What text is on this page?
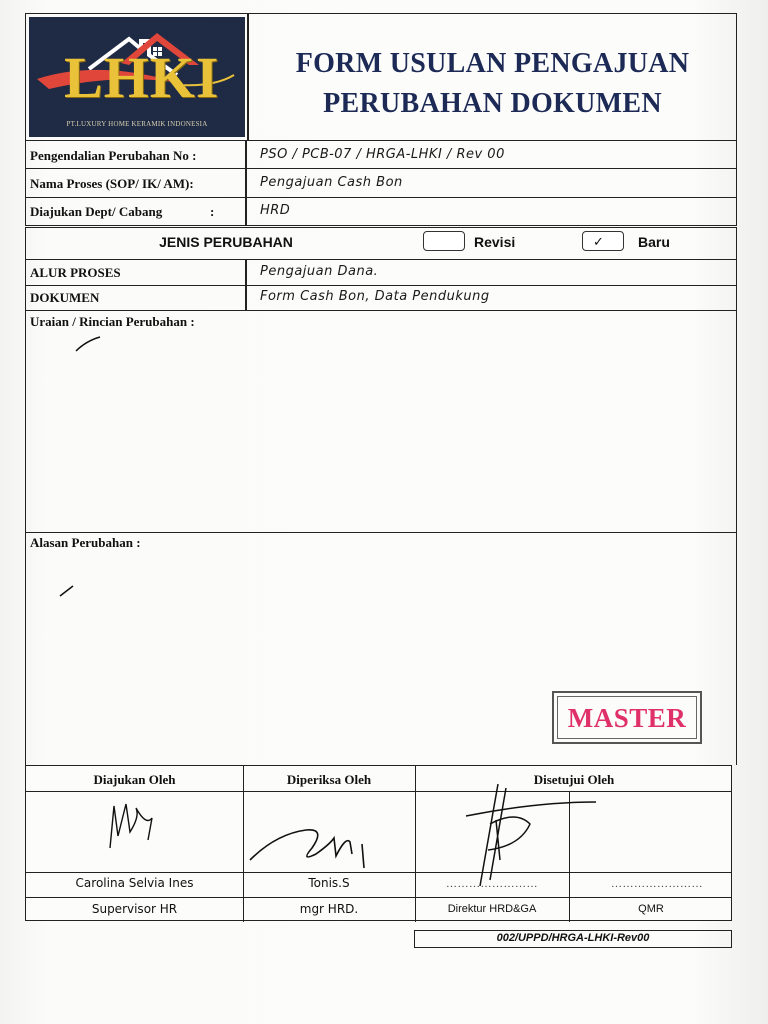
LHKI
PT.LUXURY HOME KERAMIK INDONESIA
FORM USULAN PENGAJUAN
PERUBAHAN DOKUMEN
Pengendalian Perubahan No :	PSO / PCB-07 / HRGA-LHKI / Rev 00
Nama Proses (SOP/ IK/ AM):	Pengajuan Cash Bon
Diajukan Dept/ Cabang	:	HRD
JENIS PERUBAHAN	Revisi	✓ Baru
ALUR PROSES	Pengajuan Dana.
DOKUMEN	Form Cash Bon, Data Pendukung
Uraian / Rincian Perubahan :
Alasan Perubahan :
MASTER
Diajukan Oleh	Diperiksa Oleh	Disetujui Oleh
Carolina Selvia Ines	Tonis.S	……………………	……………………
Supervisor HR	mgr HRD.	Direktur HRD&GA	QMR
002/UPPD/HRGA-LHKI-Rev00
